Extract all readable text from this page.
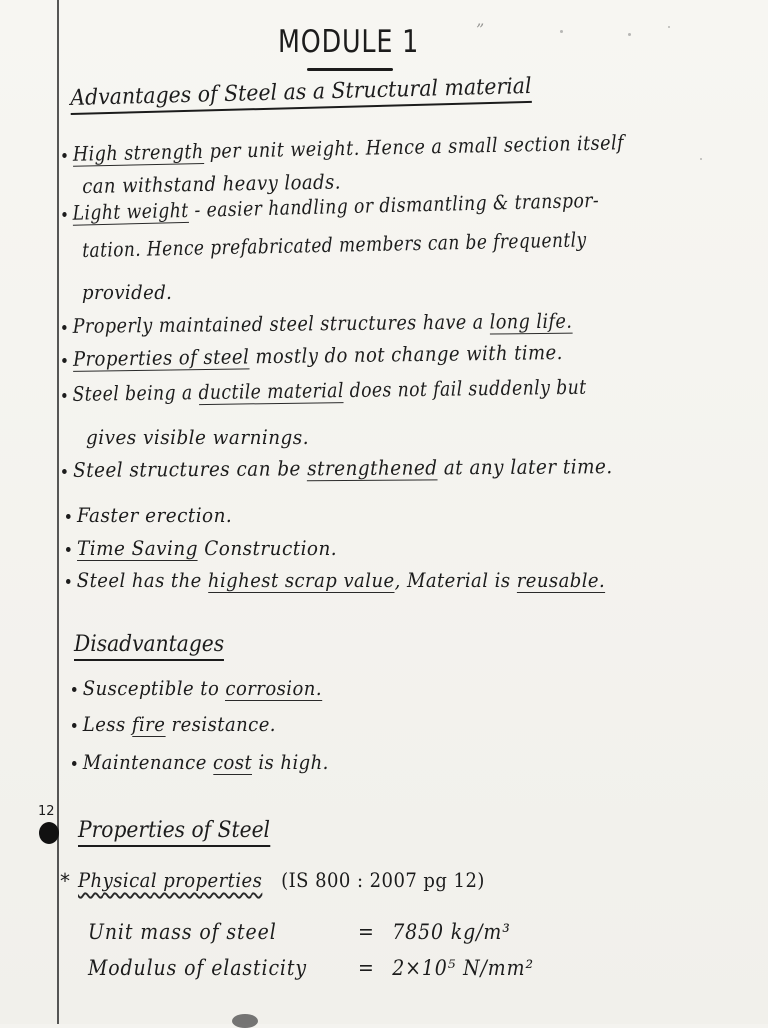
MODULE 1
Advantages of Steel as a Structural material
High strength per unit weight. Hence a small section itself
can withstand heavy loads.
Light weight - easier handling or dismantling & transpor-
tation. Hence prefabricated members can be frequently
provided.
Properly maintained steel structures have a long life.
Properties of steel mostly do not change with time.
Steel being a ductile material does not fail suddenly but
gives visible warnings.
Steel structures can be strengthened at any later time.
Faster erection.
Time Saving Construction.
Steel has the highest scrap value, Material is reusable.
Disadvantages
Susceptible to corrosion.
Less fire resistance.
Maintenance cost is high.
12
Properties of Steel
* Physical properties (IS 800 : 2007 pg 12)
Unit mass of steel	= 7850 kg/m³
Modulus of elasticity = 2×10⁵ N/mm²
”
